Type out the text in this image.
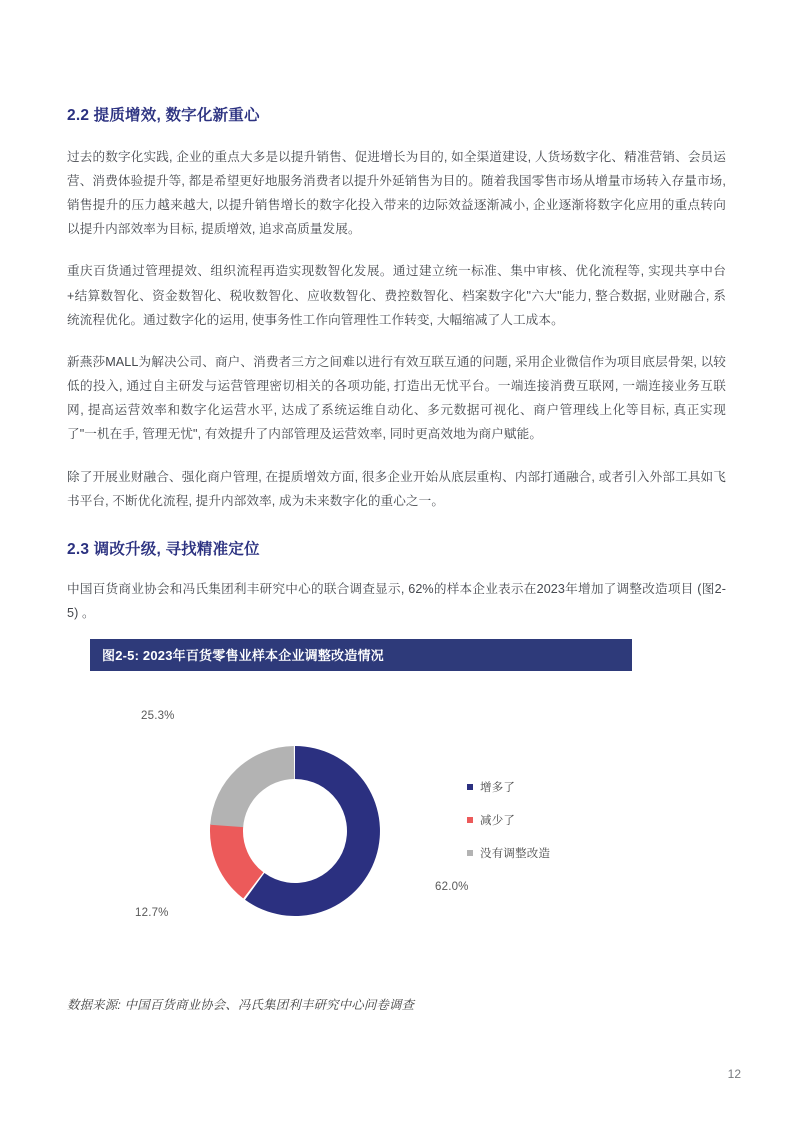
2.2 提质增效, 数字化新重心

过去的数字化实践, 企业的重点大多是以提升销售、促进增长为目的, 如全渠道建设, 人货场数字化、精准营销、会员运营、消费体验提升等, 都是希望更好地服务消费者以提升外延销售为目的。随着我国零售市场从增量市场转入存量市场, 销售提升的压力越来越大, 以提升销售增长的数字化投入带来的边际效益逐渐减小, 企业逐渐将数字化应用的重点转向以提升内部效率为目标, 提质增效, 追求高质量发展。

重庆百货通过管理提效、组织流程再造实现数智化发展。通过建立统一标准、集中审核、优化流程等, 实现共享中台+结算数智化、资金数智化、税收数智化、应收数智化、费控数智化、档案数字化"六大"能力, 整合数据, 业财融合, 系统流程优化。通过数字化的运用, 使事务性工作向管理性工作转变, 大幅缩减了人工成本。

新燕莎MALL为解决公司、商户、消费者三方之间难以进行有效互联互通的问题, 采用企业微信作为项目底层骨架, 以较低的投入, 通过自主研发与运营管理密切相关的各项功能, 打造出无忧平台。一端连接消费互联网, 一端连接业务互联网, 提高运营效率和数字化运营水平, 达成了系统运维自动化、多元数据可视化、商户管理线上化等目标, 真正实现了"一机在手, 管理无忧", 有效提升了内部管理及运营效率, 同时更高效地为商户赋能。

除了开展业财融合、强化商户管理, 在提质增效方面, 很多企业开始从底层重构、内部打通融合, 或者引入外部工具如飞书平台, 不断优化流程, 提升内部效率, 成为未来数字化的重心之一。

2.3 调改升级, 寻找精准定位

中国百货商业协会和冯氏集团利丰研究中心的联合调查显示, 62%的样本企业表示在2023年增加了调整改造项目 (图2-5) 。

图2-5: 2023年百货零售业样本企业调整改造情况
25.3%
12.7%
62.0%
增多了
减少了
没有调整改造
数据来源: 中国百货商业协会、冯氏集团利丰研究中心问卷调查
12
